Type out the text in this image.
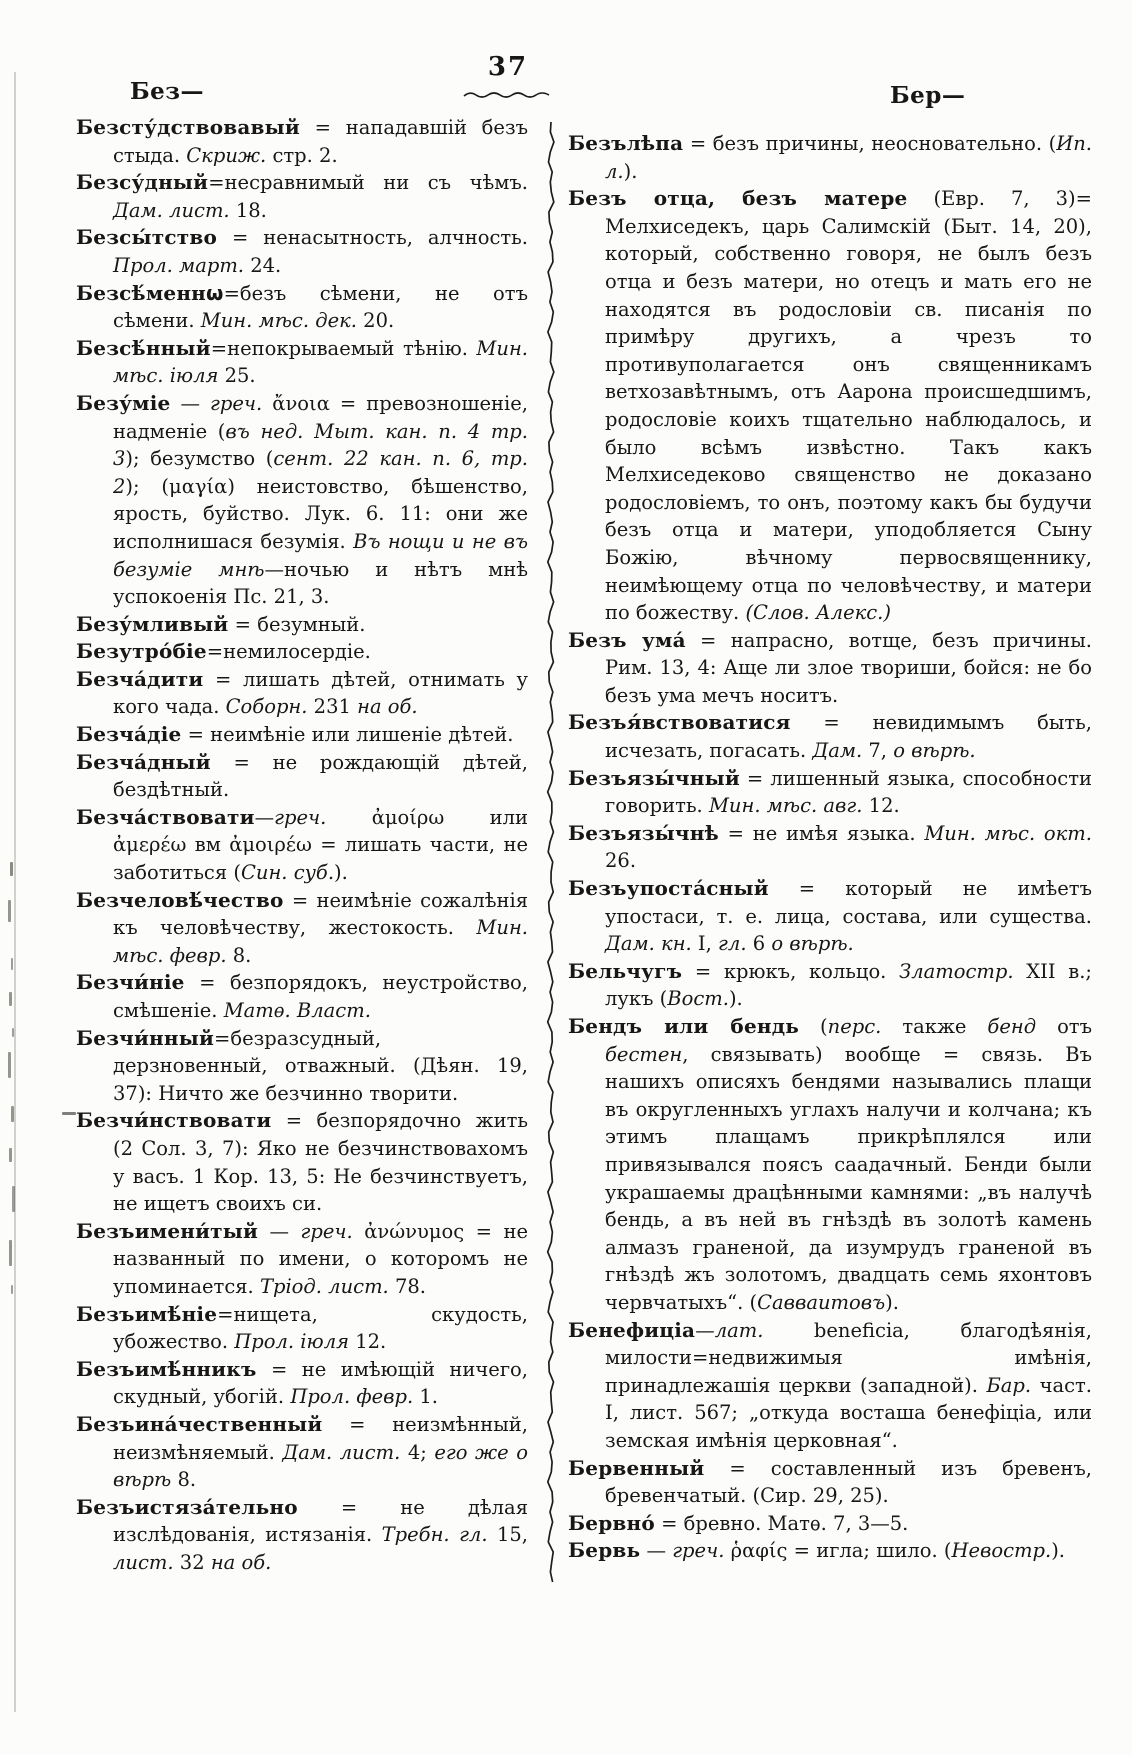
37
Без—	Бер—

Безсту́дствовавый = нападавшій безъ стыда. Скриж. стр. 2.

Безсу́дный=несравнимый ни съ чѣмъ. Дам. лист. 18.

Безсы́тство = ненасытность, алчность. Прол. март. 24.

Безсѣ́меннѡ=безъ сѣмени, не отъ сѣмени. Мин. мѣс. дек. 20.

Безсѣ́нный=непокрываемый тѣнію. Мин. мѣс. іюля 25.

Безу́міе — греч. ἄνοια = превозношеніе, надменіе (въ нед. Мыт. кан. п. 4 тр. 3); безумство (сент. 22 кан. п. 6, тр. 2); (μαγία) неистовство, бѣшенство, ярость, буйство. Лук. 6. 11: они же исполнишася безумія. Въ нощи и не въ безуміе мнѣ—ночью и нѣтъ мнѣ успокоенія Пс. 21, 3.

Безу́мливый = безумный.

Безутро́біе=немилосердіе.

Безча́дити = лишать дѣтей, отнимать у кого чада. Соборн. 231 на об.

Безча́діе = неимѣніе или лишеніе дѣтей.

Безча́дный = не рождающій дѣтей, бездѣтный.

Безча́ствовати—греч. ἀμοίρω или ἀμερέω вм ἀμοιρέω = лишать части, не заботиться (Син. суб.).

Безчеловѣ́чество = неимѣніе сожалѣнія къ человѣчеству, жестокость. Мин. мѣс. февр. 8.

Безчи́ніе = безпорядокъ, неустройство, смѣшеніе. Матѳ. Власт.

Безчи́нный=безразсудный, дерзновенный, отважный. (Дѣян. 19, 37): Ничто же безчинно творити.

Безчи́нствовати = безпорядочно жить (2 Сол. 3, 7): Яко не безчинствовахомъ у васъ. 1 Кор. 13, 5: Не безчинствуетъ, не ищетъ своихъ си.

Безъимени́тый — греч. ἀνώνυμος = не названный по имени, о которомъ не упоминается. Тріод. лист. 78.

Безъимѣ́ніе=нищета, скудость, убожество. Прол. іюля 12.

Безъимѣ́нникъ = не имѣющій ничего, скудный, убогій. Прол. февр. 1.

Безъина́чественный = неизмѣнный, неизмѣняемый. Дам. лист. 4; его же о вѣрѣ 8.

Безъистяза́тельно = не дѣлая изслѣдованія, истязанія. Требн. гл. 15, лист. 32 на об.

Безълѣпа = безъ причины, неосновательно. (Ип. л.).

Безъ отца, безъ матере (Евр. 7, 3)= Мелхиседекъ, царь Салимскій (Быт. 14, 20), который, собственно говоря, не былъ безъ отца и безъ матери, но отецъ и мать его не находятся въ родословіи св. писанія по примѣру другихъ, а чрезъ то противуполагается онъ священникамъ ветхозавѣтнымъ, отъ Аарона происшедшимъ, родословіе коихъ тщательно наблюдалось, и было всѣмъ извѣстно. Такъ какъ Мелхиседеково священство не доказано родословіемъ, то онъ, поэтому какъ бы будучи безъ отца и матери, уподобляется Сыну Божію, вѣчному первосвященнику, неимѣющему отца по человѣчеству, и матери по божеству. (Слов. Алекс.)

Безъ ума́ = напрасно, вотще, безъ причины. Рим. 13, 4: Аще ли злое твориши, бойся: не бо безъ ума мечъ носитъ.

Безъя́вствоватися = невидимымъ быть, исчезать, погасать. Дам. 7, о вѣрѣ.

Безъязы́чный = лишенный языка, способности говорить. Мин. мѣс. авг. 12.

Безъязы́чнѣ = не имѣя языка. Мин. мѣс. окт. 26.

Безъупоста́сный = который не имѣетъ упостаси, т. е. лица, состава, или существа. Дам. кн. I, гл. 6 о вѣрѣ.

Бельчугъ = крюкъ, кольцо. Златостр. XII в.; лукъ (Вост.).

Бендъ или бендь (перс. также бенд отъ бестен, связывать) вообще = связь. Въ нашихъ описяхъ бендями назывались плащи въ округленныхъ углахъ налучи и колчана; къ этимъ плащамъ прикрѣплялся или привязывался поясъ саадачный. Бенди были украшаемы драцѣнными камнями: „въ налучѣ бендь, а въ ней въ гнѣздѣ въ золотѣ камень алмазъ граненой, да изумрудъ граненой въ гнѣздѣ жъ золотомъ, двадцать семь яхонтовъ червчатыхъ“. (Савваитовъ).

Бенефиціа—лат. beneficia, благодѣянія, милости=недвижимыя имѣнія, принадлежашія церкви (западной). Бар. част. I, лист. 567; „откуда восташа бенефіціа, или земская имѣнія церковная“.

Бервенный = составленный изъ бревенъ, бревенчатый. (Сир. 29, 25).

Бервно́ = бревно. Матѳ. 7, 3—5.

Бервь — греч. ῥαφίς = игла; шило. (Невостр.).
